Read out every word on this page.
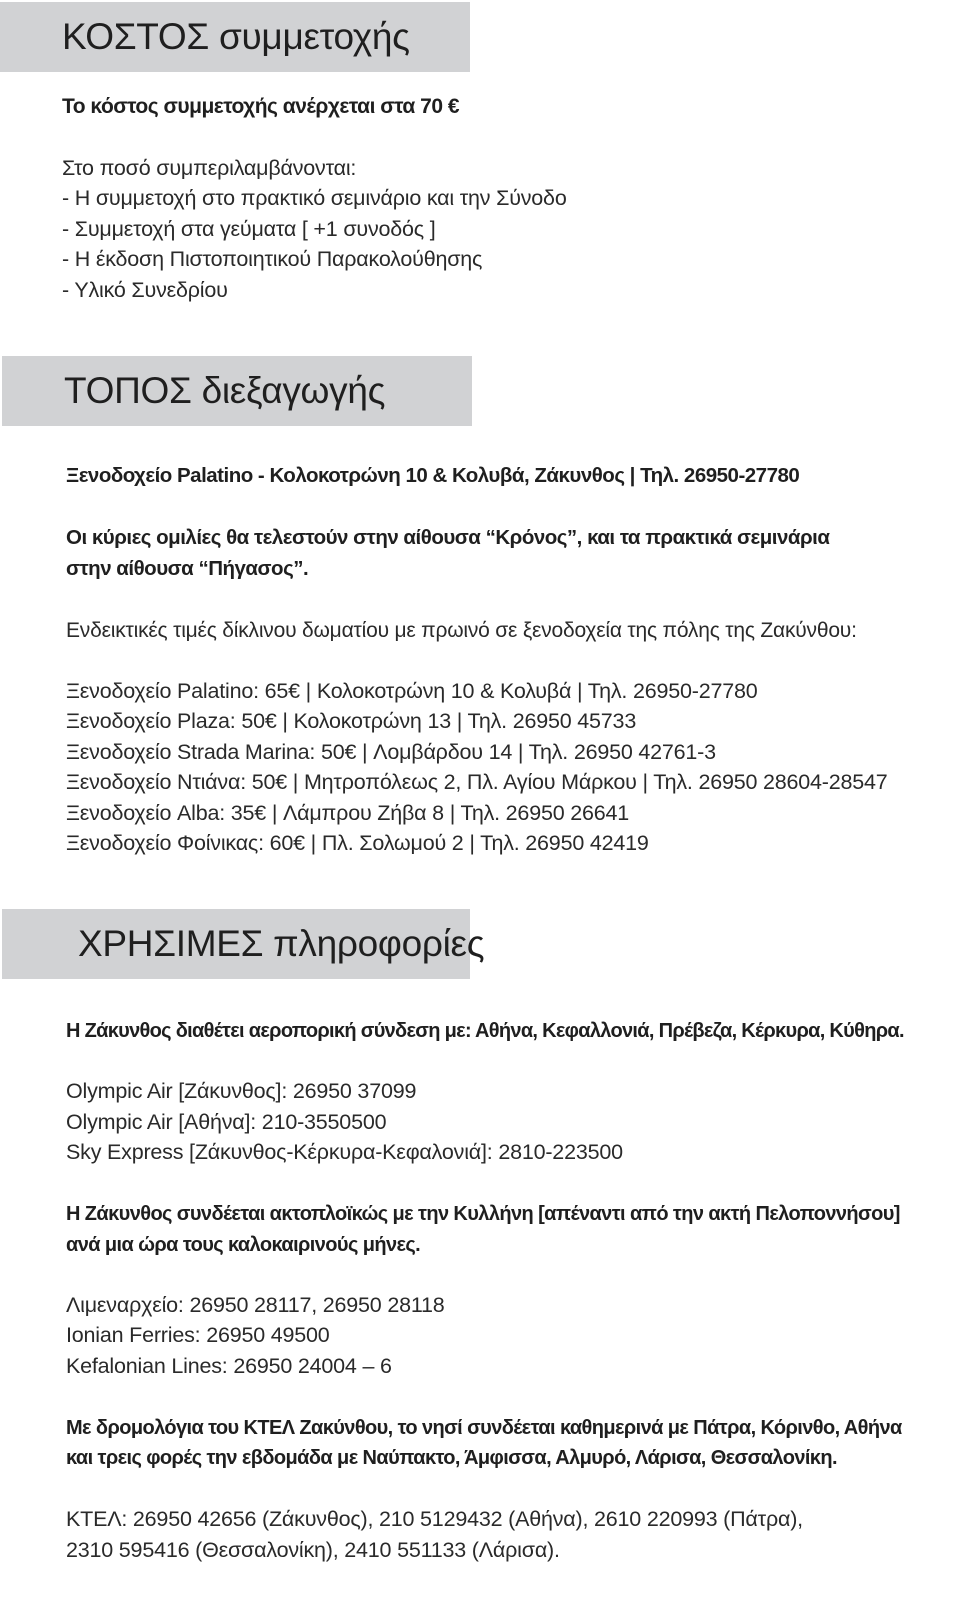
ΚΟΣΤΟΣ συμμετοχής
Το κόστος συμμετοχής ανέρχεται στα 70 €
Στο ποσό συμπεριλαμβάνονται:
- Η συμμετοχή στο πρακτικό σεμινάριο και την Σύνοδο
- Συμμετοχή στα γεύματα [ +1 συνοδός ]
- Η έκδοση Πιστοποιητικού Παρακολούθησης
- Υλικό Συνεδρίου
ΤΟΠΟΣ διεξαγωγής
Ξενοδοχείο Palatino - Κολοκοτρώνη 10 & Κολυβά, Ζάκυνθος | Τηλ. 26950-27780
Οι κύριες ομιλίες θα τελεστούν στην αίθουσα “Κρόνος”, και τα πρακτικά σεμινάρια
στην αίθουσα “Πήγασος”.
Ενδεικτικές τιμές δίκλινου δωματίου με πρωινό σε ξενοδοχεία της πόλης της Ζακύνθου:
Ξενοδοχείο Palatino: 65€ | Κολοκοτρώνη 10 & Κολυβά | Τηλ. 26950-27780
Ξενοδοχείο Plaza: 50€ | Κολοκοτρώνη 13 | Τηλ. 26950 45733
Ξενοδοχείο Strada Marina: 50€ | Λομβάρδου 14 | Τηλ. 26950 42761-3
Ξενοδοχείο Ντιάνα: 50€ | Μητροπόλεως 2, Πλ. Αγίου Μάρκου | Τηλ. 26950 28604-28547
Ξενοδοχείο Alba: 35€ | Λάμπρου Ζήβα 8 | Τηλ. 26950 26641
Ξενοδοχείο Φοίνικας: 60€ | Πλ. Σολωμού 2 | Τηλ. 26950 42419
ΧΡΗΣΙΜΕΣ πληροφορίες
Η Ζάκυνθος διαθέτει αεροπορική σύνδεση με: Αθήνα, Κεφαλλονιά, Πρέβεζα, Κέρκυρα, Κύθηρα.
Olympic Air [Ζάκυνθος]: 26950 37099
Olympic Air [Αθήνα]: 210-3550500
Sky Express [Ζάκυνθος-Κέρκυρα-Κεφαλονιά]: 2810-223500
Η Ζάκυνθος συνδέεται ακτοπλοϊκώς με την Κυλλήνη [απέναντι από την ακτή Πελοποννήσου]
ανά μια ώρα τους καλοκαιρινούς μήνες.
Λιμεναρχείο: 26950 28117, 26950 28118
Ionian Ferries: 26950 49500
Kefalonian Lines: 26950 24004 – 6
Με δρομολόγια του ΚΤΕΛ Ζακύνθου, το νησί συνδέεται καθημερινά με Πάτρα, Κόρινθο, Αθήνα
και τρεις φορές την εβδομάδα με Ναύπακτο, Άμφισσα, Αλμυρό, Λάρισα, Θεσσαλονίκη.
ΚΤΕΛ: 26950 42656 (Ζάκυνθος), 210 5129432 (Αθήνα), 2610 220993 (Πάτρα),
2310 595416 (Θεσσαλονίκη), 2410 551133 (Λάρισα).
